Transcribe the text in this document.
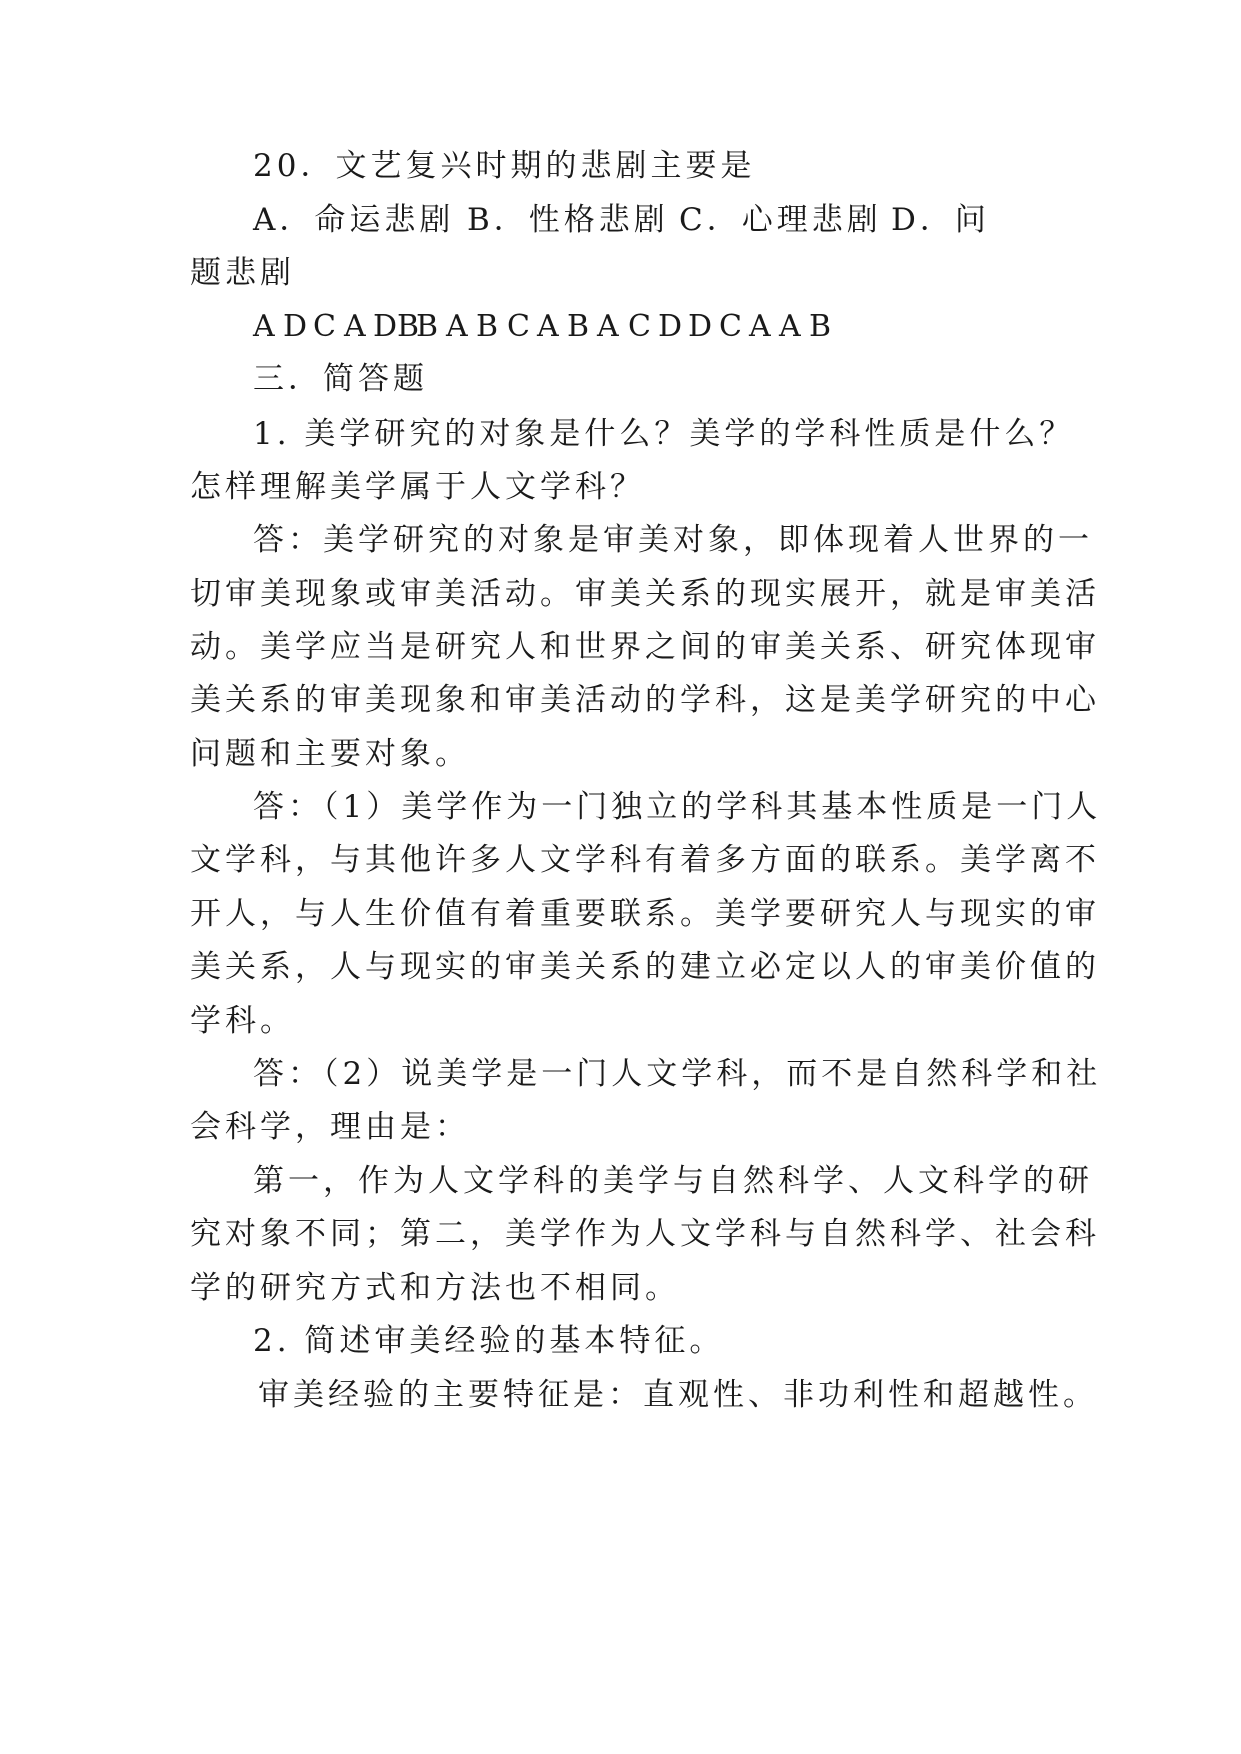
20．文艺复兴时期的悲剧主要是

A．命运悲剧

B．性格悲剧

C．心理悲剧

D．问

题悲剧

A

D

C

A

DB

B

A

B

C

A

B

A

C

D

D

C

A

A

B

三．简答题
1. 美学研究的对象是什么？美学的学科性质是什么？
怎样理解美学属于人文学科？
答：美学研究的对象是审美对象，即体现着人世界的一
切审美现象或审美活动。审美关系的现实展开，就是审美活
动。美学应当是研究人和世界之间的审美关系、研究体现审
美关系的审美现象和审美活动的学科，这是美学研究的中心
问题和主要对象。
答：（1）美学作为一门独立的学科其基本性质是一门人
文学科，与其他许多人文学科有着多方面的联系。美学离不
开人，与人生价值有着重要联系。美学要研究人与现实的审
美关系，人与现实的审美关系的建立必定以人的审美价值的
学科。
答：（2）说美学是一门人文学科，而不是自然科学和社
会科学，理由是：
第一，作为人文学科的美学与自然科学、人文科学的研
究对象不同；第二，美学作为人文学科与自然科学、社会科
学的研究方式和方法也不相同。
2. 简述审美经验的基本特征。
审美经验的主要特征是：直观性、非功利性和超越性。
